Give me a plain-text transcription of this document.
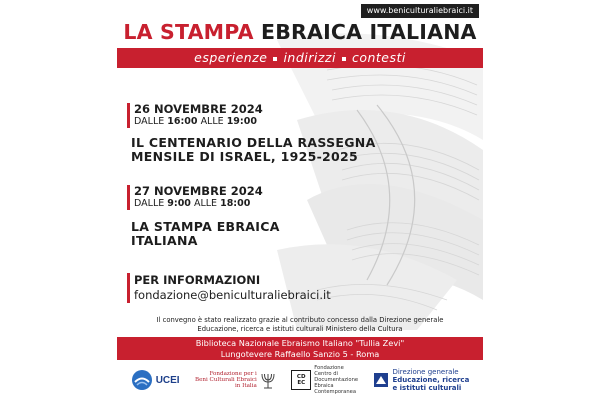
www.beniculturaliebraici.it
LA STAMPA EBRAICA ITALIANA
esperienze indirizzi contesti
26 NOVEMBRE 2024
DALLE 16:00 ALLE 19:00
IL CENTENARIO DELLA RASSEGNA
MENSILE DI ISRAEL, 1925-2025
27 NOVEMBRE 2024
DALLE 9:00 ALLE 18:00
LA STAMPA EBRAICA
ITALIANA
PER INFORMAZIONI
fondazione@beniculturaliebraici.it
Il convegno è stato realizzato grazie al contributo concesso dalla Direzione generale
Educazione, ricerca e istituti culturali Ministero della Cultura
Biblioteca Nazionale Ebraismo Italiano "Tullia Zevi"
Lungotevere Raffaello Sanzio 5 - Roma
UCEI
Fondazione per i
Beni Culturali Ebraici
in Italia
CDEC
Fondazione
Centro di
Documentazione
Ebraica
Contemporanea
Direzione generale
Educazione, ricerca
e istituti culturali
